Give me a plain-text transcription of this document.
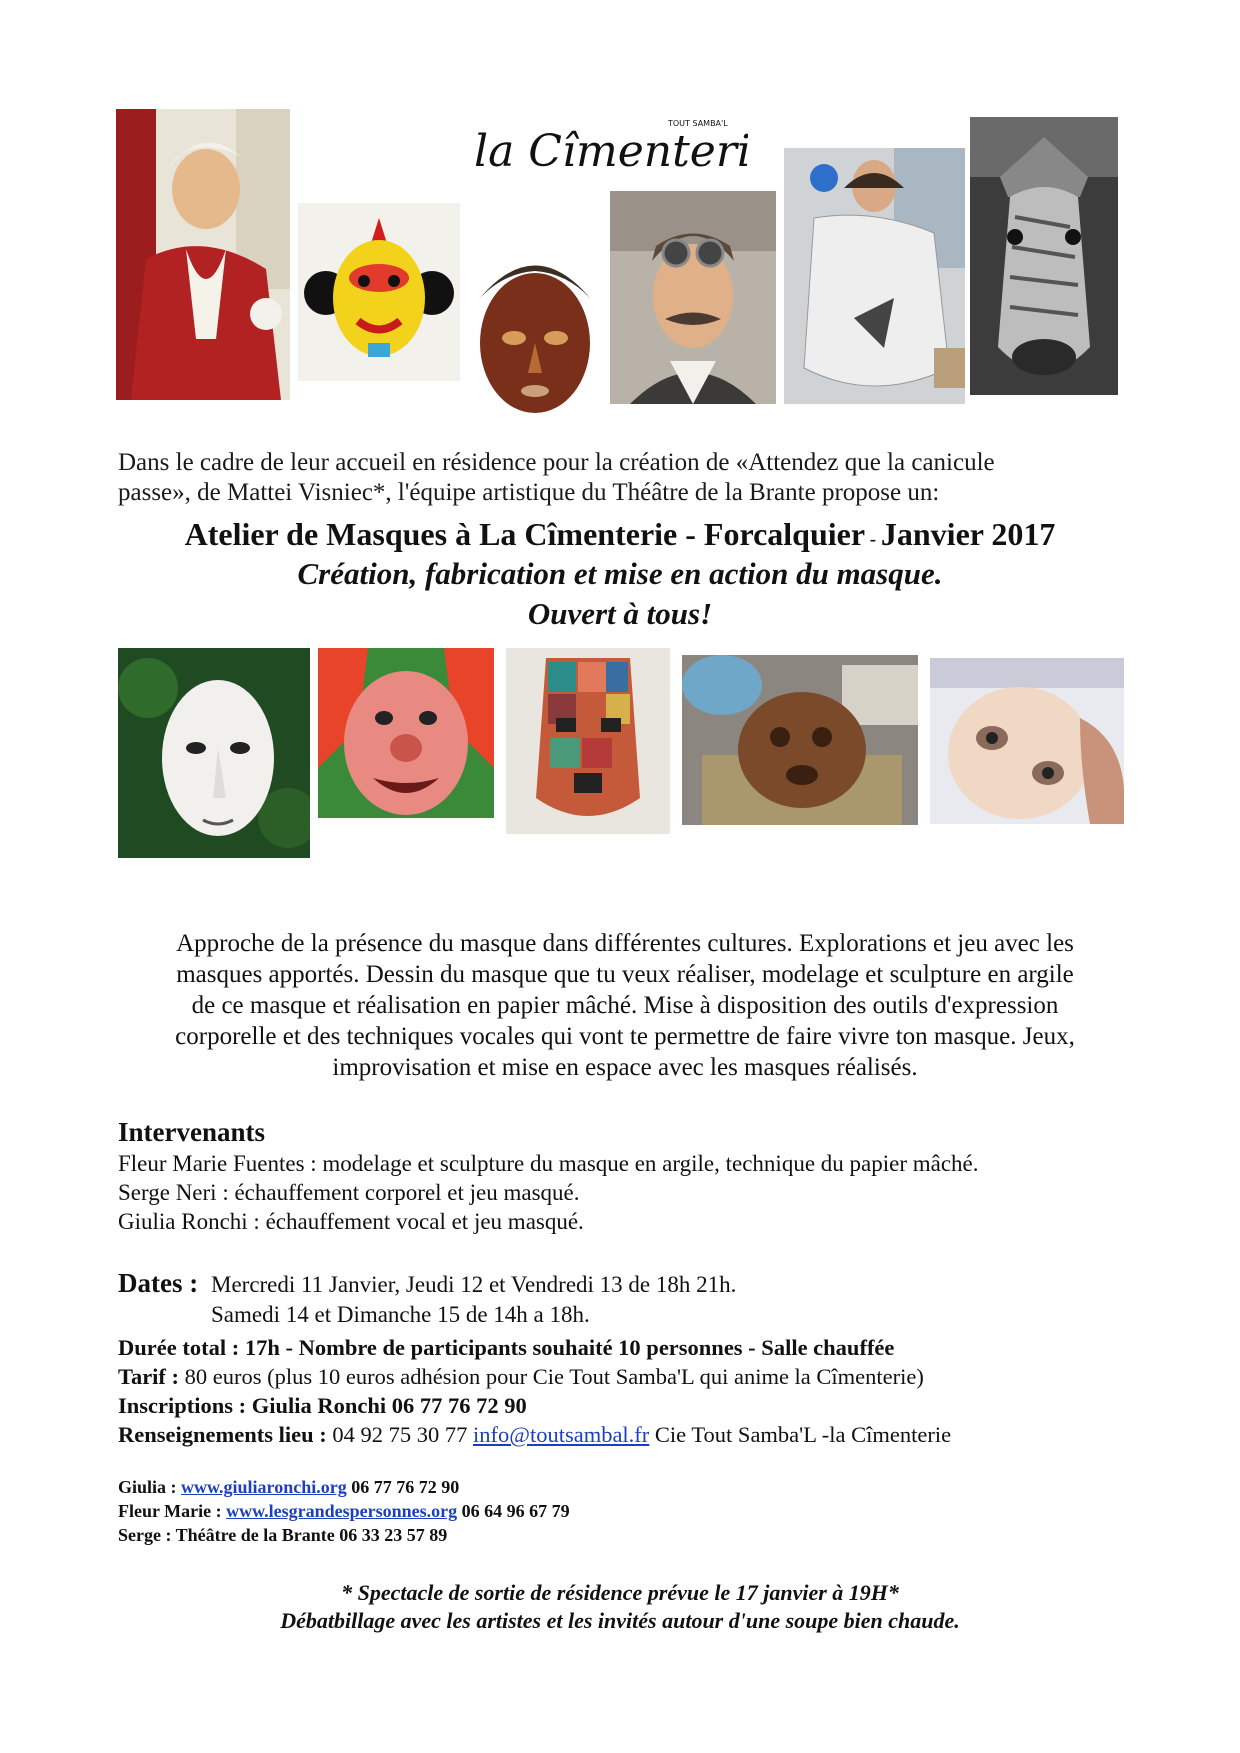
la Cîmenterie
TOUT SAMBA'L
Dans le cadre de leur accueil en résidence pour la création de «Attendez que la canicule
passe», de Mattei Visniec*, l'équipe artistique du Théâtre de la Brante propose un:
Atelier de Masques à La Cîmenterie - Forcalquier - Janvier 2017
Création, fabrication et mise en action du masque.
Ouvert à tous!
Approche de la présence du masque dans différentes cultures. Explorations et jeu avec les
masques apportés. Dessin du masque que tu veux réaliser, modelage et sculpture en argile
de ce masque et réalisation en papier mâché. Mise à disposition des outils d'expression
corporelle et des techniques vocales qui vont te permettre de faire vivre ton masque. Jeux,
improvisation et mise en espace avec les masques réalisés.
Intervenants
Fleur Marie Fuentes : modelage et sculpture du masque en argile, technique du papier mâché.
Serge Neri : échauffement corporel et jeu masqué.
Giulia Ronchi : échauffement vocal et jeu masqué.
Dates : Mercredi 11 Janvier, Jeudi 12 et Vendredi 13 de 18h 21h.
Samedi 14 et Dimanche 15 de 14h a 18h.
Durée total : 17h - Nombre de participants souhaité 10 personnes - Salle chauffée
Tarif : 80 euros (plus 10 euros adhésion pour Cie Tout Samba'L qui anime la Cîmenterie)
Inscriptions : Giulia Ronchi 06 77 76 72 90
Renseignements lieu : 04 92 75 30 77 info@toutsambal.fr Cie Tout Samba'L -la Cîmenterie
Giulia : www.giuliaronchi.org 06 77 76 72 90
Fleur Marie : www.lesgrandespersonnes.org 06 64 96 67 79
Serge : Théâtre de la Brante 06 33 23 57 89
* Spectacle de sortie de résidence prévue le 17 janvier à 19H*
Débatbillage avec les artistes et les invités autour d'une soupe bien chaude.
